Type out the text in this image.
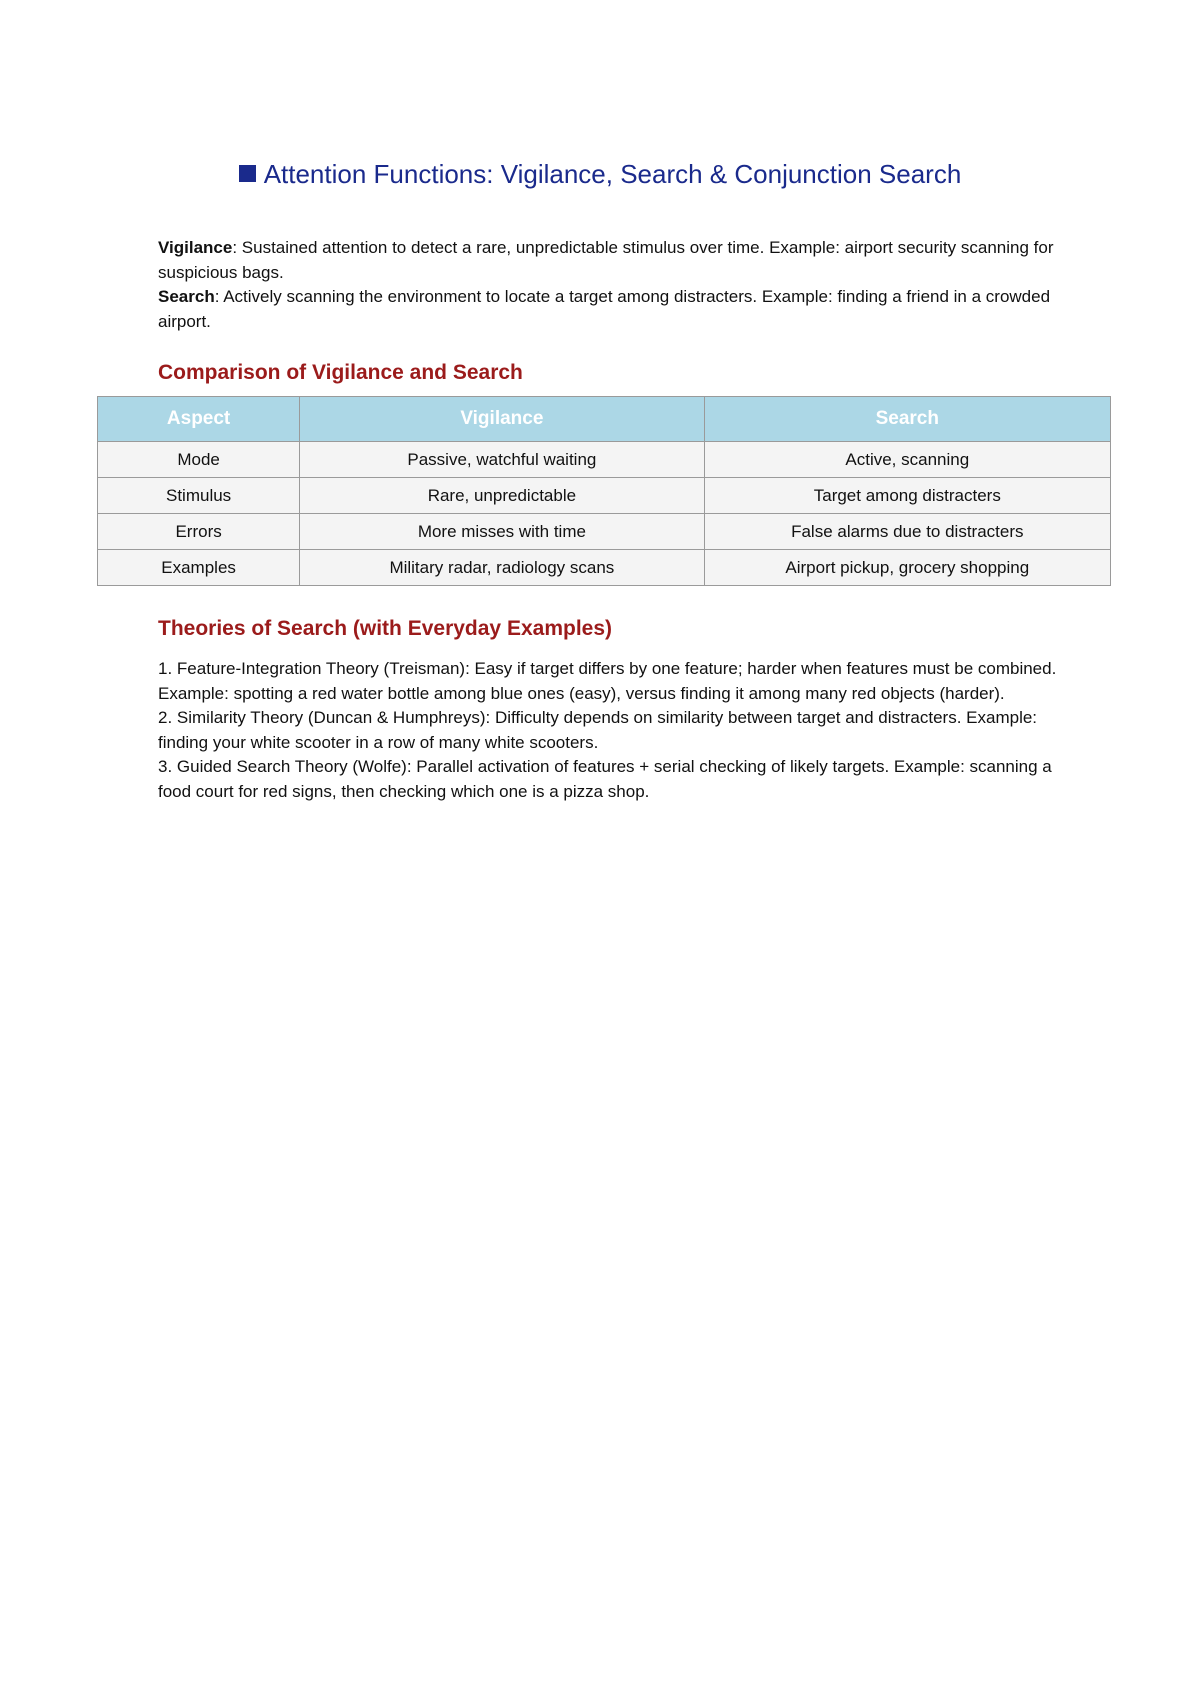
Attention Functions: Vigilance, Search & Conjunction Search

Vigilance: Sustained attention to detect a rare, unpredictable stimulus over time. Example: airport security scanning for suspicious bags.

Search: Actively scanning the environment to locate a target among distracters. Example: finding a friend in a crowded airport.

Comparison of Vigilance and Search
Aspect	Vigilance	Search
Mode	Passive, watchful waiting	Active, scanning
Stimulus	Rare, unpredictable	Target among distracters
Errors	More misses with time	False alarms due to distracters
Examples	Military radar, radiology scans	Airport pickup, grocery shopping
Theories of Search (with Everyday Examples)

1. Feature-Integration Theory (Treisman): Easy if target differs by one feature; harder when features must be combined. Example: spotting a red water bottle among blue ones (easy), versus finding it among many red objects (harder).

2. Similarity Theory (Duncan & Humphreys): Difficulty depends on similarity between target and distracters. Example: finding your white scooter in a row of many white scooters.

3. Guided Search Theory (Wolfe): Parallel activation of features + serial checking of likely targets. Example: scanning a food court for red signs, then checking which one is a pizza shop.
